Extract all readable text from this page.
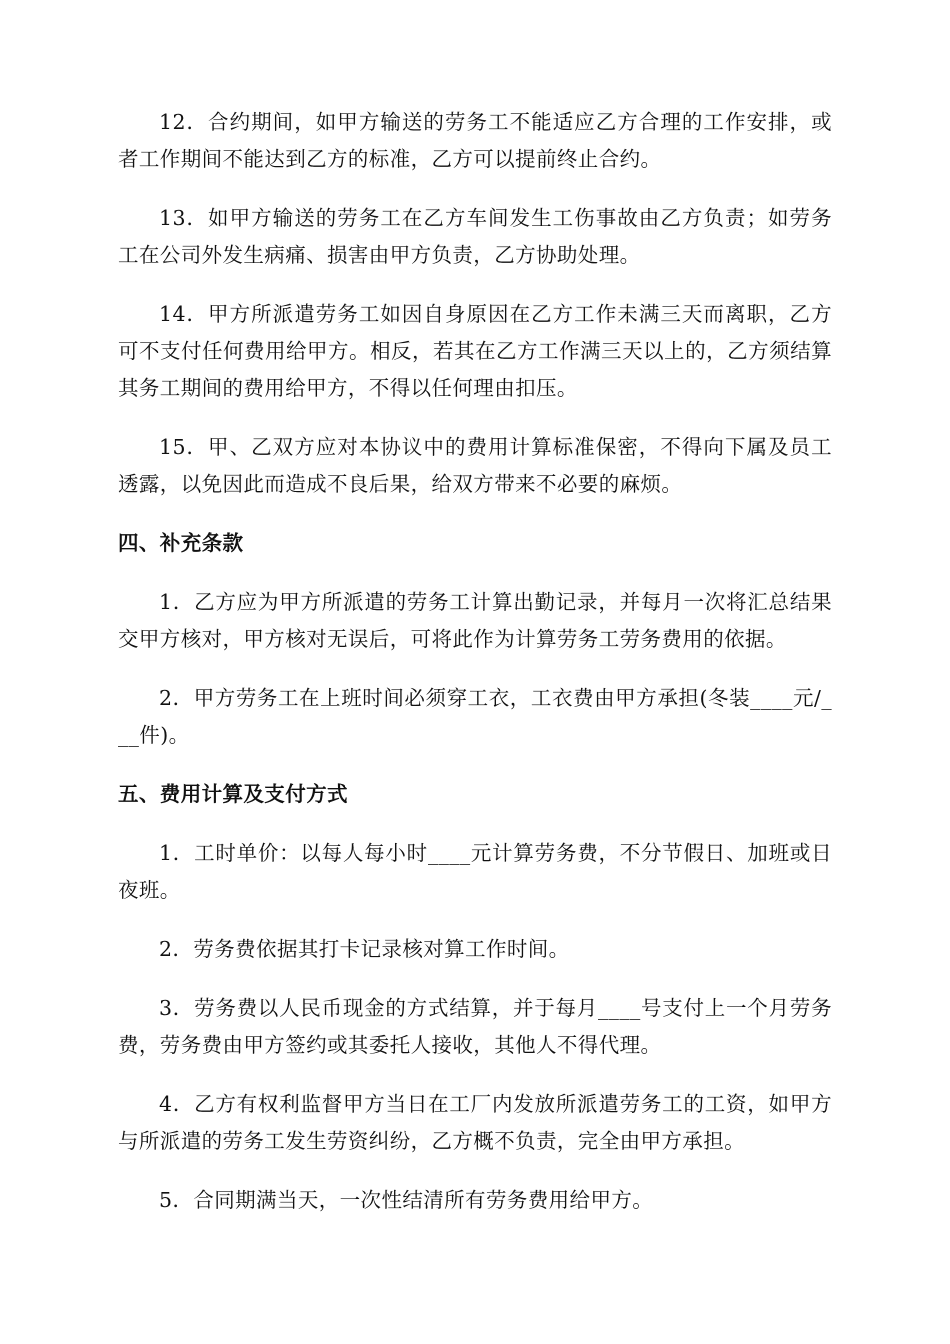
12．合约期间，如甲方输送的劳务工不能适应乙方合理的工作安排，或者工作期间不能达到乙方的标准，乙方可以提前终止合约。

13．如甲方输送的劳务工在乙方车间发生工伤事故由乙方负责；如劳务工在公司外发生病痛、损害由甲方负责，乙方协助处理。

14．甲方所派遣劳务工如因自身原因在乙方工作未满三天而离职，乙方可不支付任何费用给甲方。相反，若其在乙方工作满三天以上的，乙方须结算其务工期间的费用给甲方，不得以任何理由扣压。

15．甲、乙双方应对本协议中的费用计算标准保密，不得向下属及员工透露，以免因此而造成不良后果，给双方带来不必要的麻烦。

四、补充条款

1．乙方应为甲方所派遣的劳务工计算出勤记录，并每月一次将汇总结果交甲方核对，甲方核对无误后，可将此作为计算劳务工劳务费用的依据。

2．甲方劳务工在上班时间必须穿工衣，工衣费由甲方承担(冬装____元/___件)。

五、费用计算及支付方式

1．工时单价：以每人每小时____元计算劳务费，不分节假日、加班或日夜班。

2．劳务费依据其打卡记录核对算工作时间。

3．劳务费以人民币现金的方式结算，并于每月____号支付上一个月劳务费，劳务费由甲方签约或其委托人接收，其他人不得代理。

4．乙方有权利监督甲方当日在工厂内发放所派遣劳务工的工资，如甲方与所派遣的劳务工发生劳资纠纷，乙方概不负责，完全由甲方承担。

5．合同期满当天，一次性结清所有劳务费用给甲方。
